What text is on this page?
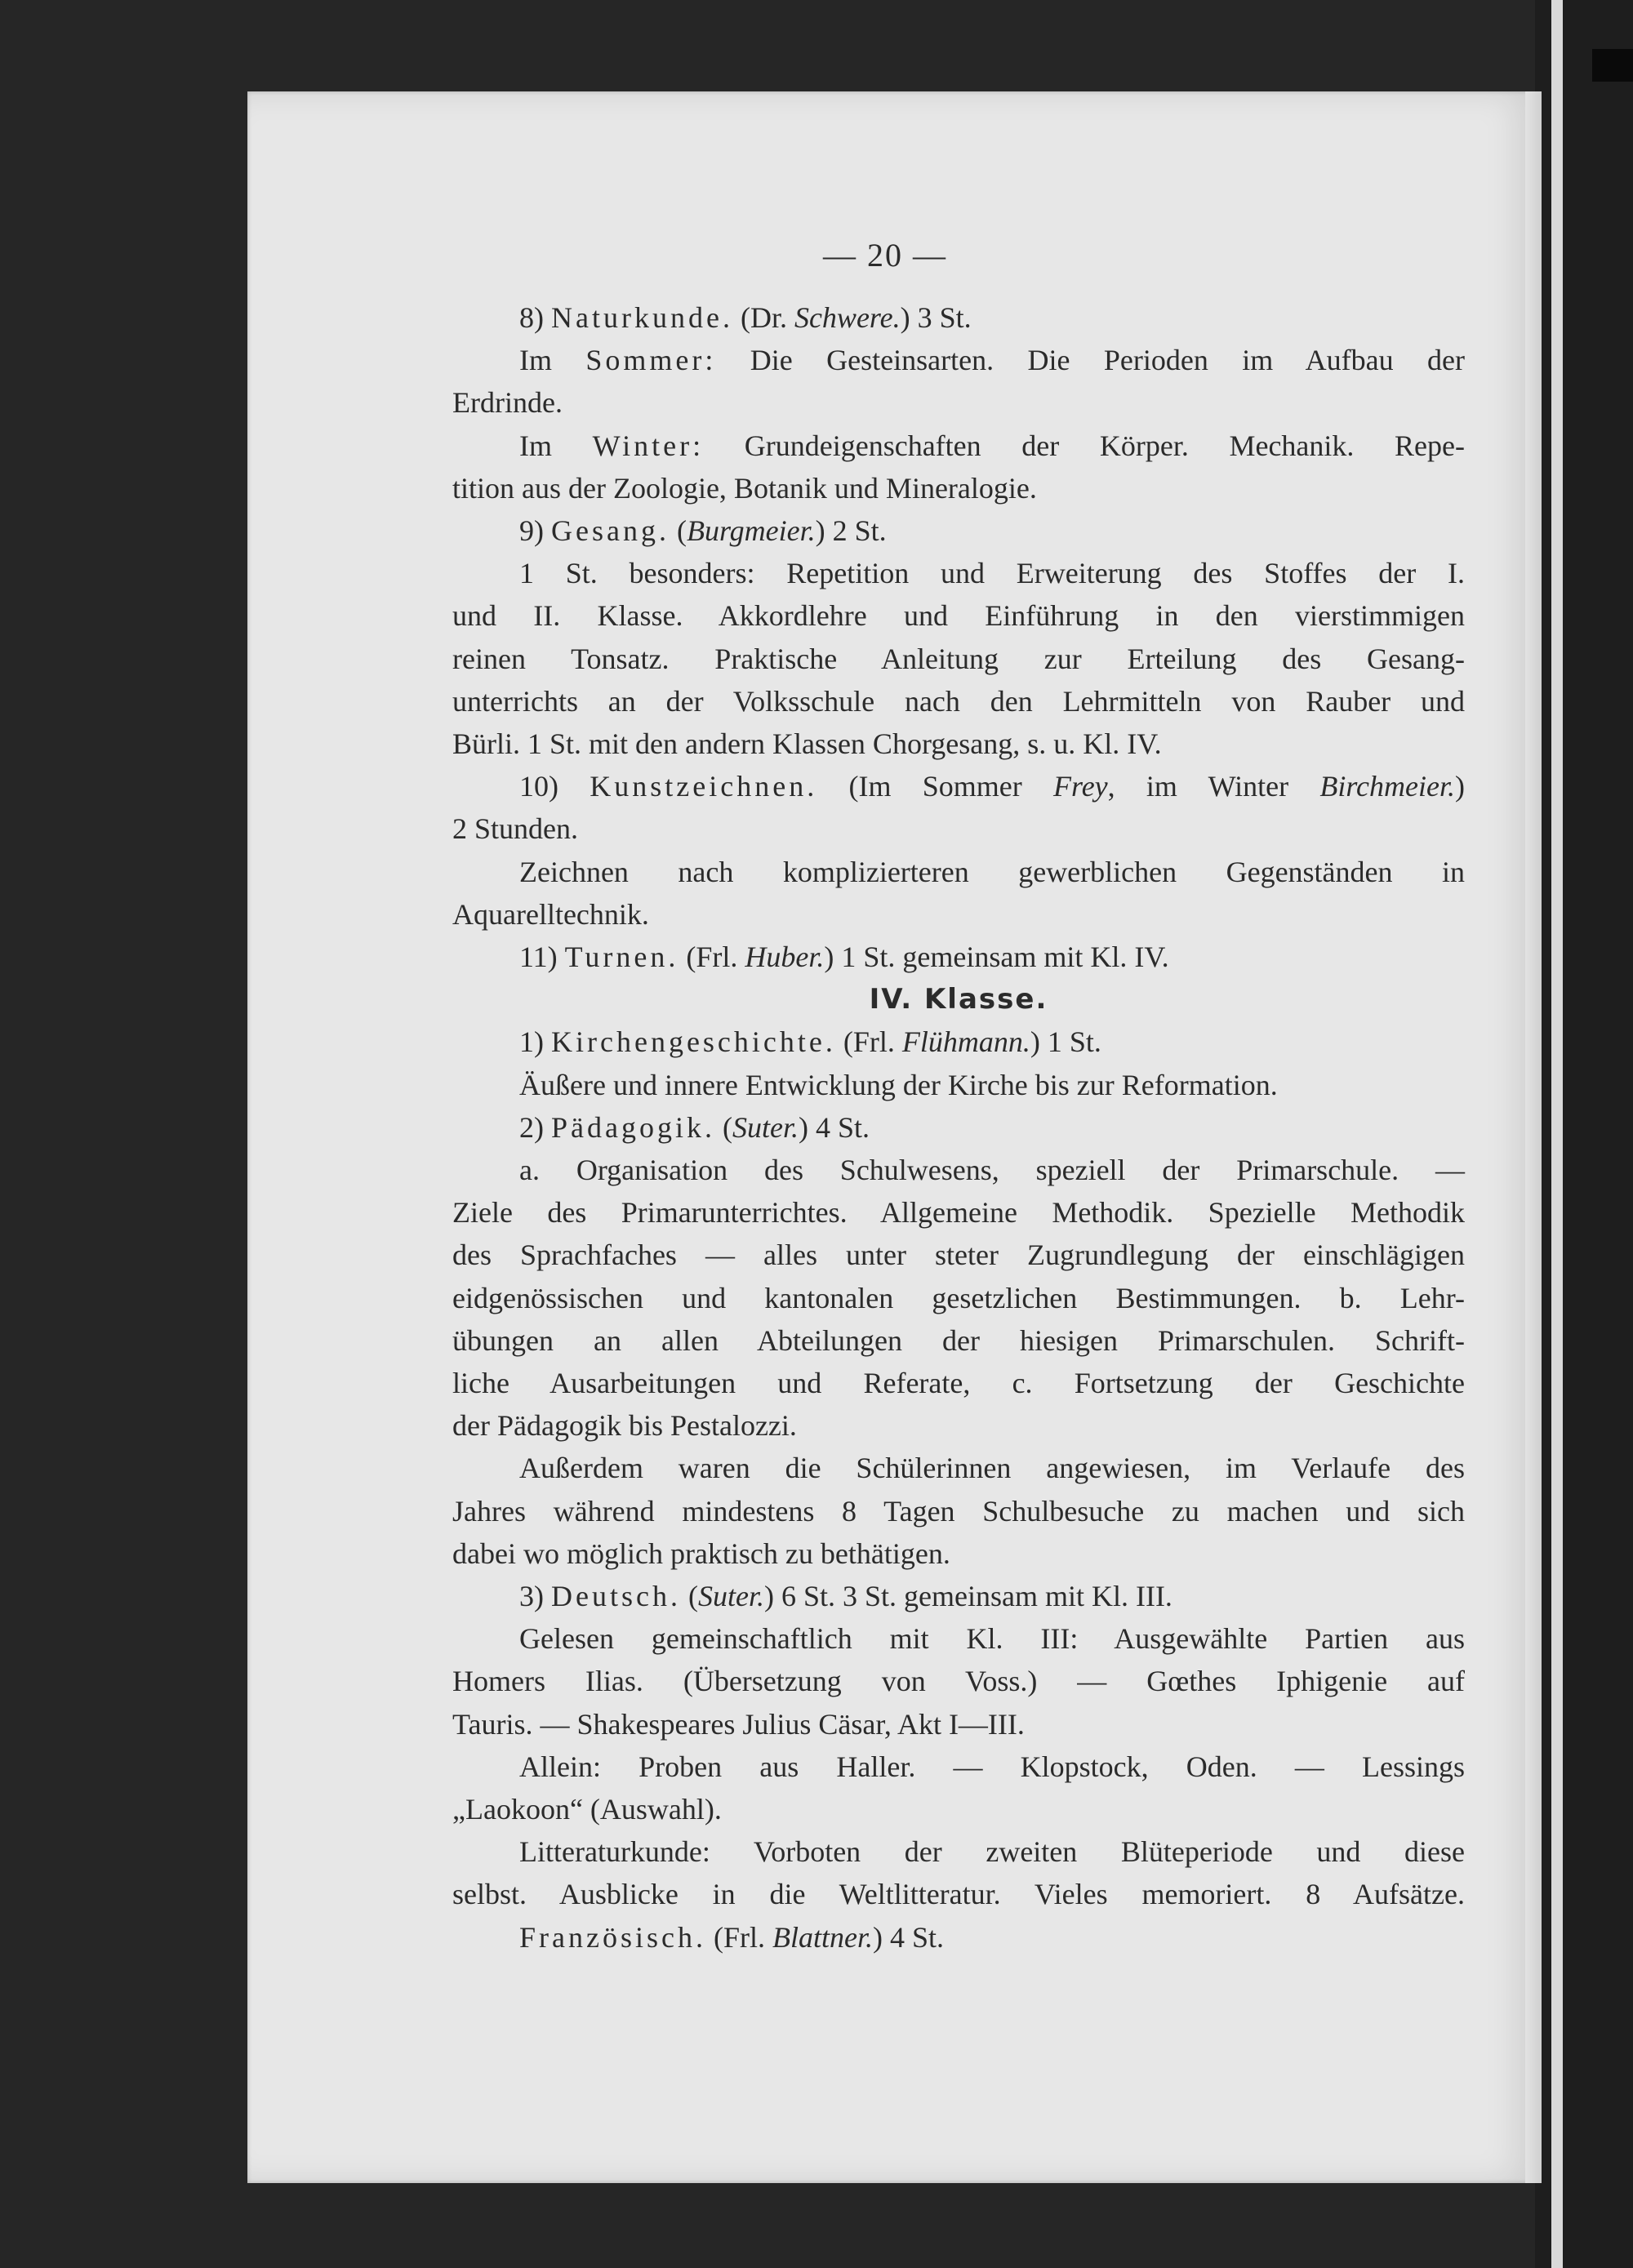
— 20 —
8) Naturkunde. (Dr. Schwere.) 3 St.
Im Sommer: Die Gesteinsarten. Die Perioden im Aufbau der
Erdrinde.
Im Winter: Grundeigenschaften der Körper. Mechanik. Repe-
tition aus der Zoologie, Botanik und Mineralogie.
9) Gesang. (Burgmeier.) 2 St.
1 St. besonders: Repetition und Erweiterung des Stoffes der I.
und II. Klasse. Akkordlehre und Einführung in den vierstimmigen
reinen Tonsatz. Praktische Anleitung zur Erteilung des Gesang-
unterrichts an der Volksschule nach den Lehrmitteln von Rauber und
Bürli. 1 St. mit den andern Klassen Chorgesang, s. u. Kl. IV.
10) Kunstzeichnen. (Im Sommer Frey, im Winter Birchmeier.)
2 Stunden.
Zeichnen nach komplizierteren gewerblichen Gegenständen in
Aquarelltechnik.
11) Turnen. (Frl. Huber.) 1 St. gemeinsam mit Kl. IV.
IV. Klasse.
1) Kirchengeschichte. (Frl. Flühmann.) 1 St.
Äußere und innere Entwicklung der Kirche bis zur Reformation.
2) Pädagogik. (Suter.) 4 St.
a. Organisation des Schulwesens, speziell der Primarschule. —
Ziele des Primarunterrichtes. Allgemeine Methodik. Spezielle Methodik
des Sprachfaches — alles unter steter Zugrundlegung der einschlägigen
eidgenössischen und kantonalen gesetzlichen Bestimmungen. b. Lehr-
übungen an allen Abteilungen der hiesigen Primarschulen. Schrift-
liche Ausarbeitungen und Referate, c. Fortsetzung der Geschichte
der Pädagogik bis Pestalozzi.
Außerdem waren die Schülerinnen angewiesen, im Verlaufe des
Jahres während mindestens 8 Tagen Schulbesuche zu machen und sich
dabei wo möglich praktisch zu bethätigen.
3) Deutsch. (Suter.) 6 St. 3 St. gemeinsam mit Kl. III.
Gelesen gemeinschaftlich mit Kl. III: Ausgewählte Partien aus
Homers Ilias. (Übersetzung von Voss.) — Gœthes Iphigenie auf
Tauris. — Shakespeares Julius Cäsar, Akt I—III.
Allein: Proben aus Haller. — Klopstock, Oden. — Lessings
„Laokoon“ (Auswahl).
Litteraturkunde: Vorboten der zweiten Blüteperiode und diese
selbst. Ausblicke in die Weltlitteratur. Vieles memoriert. 8 Aufsätze.
Französisch. (Frl. Blattner.) 4 St.
